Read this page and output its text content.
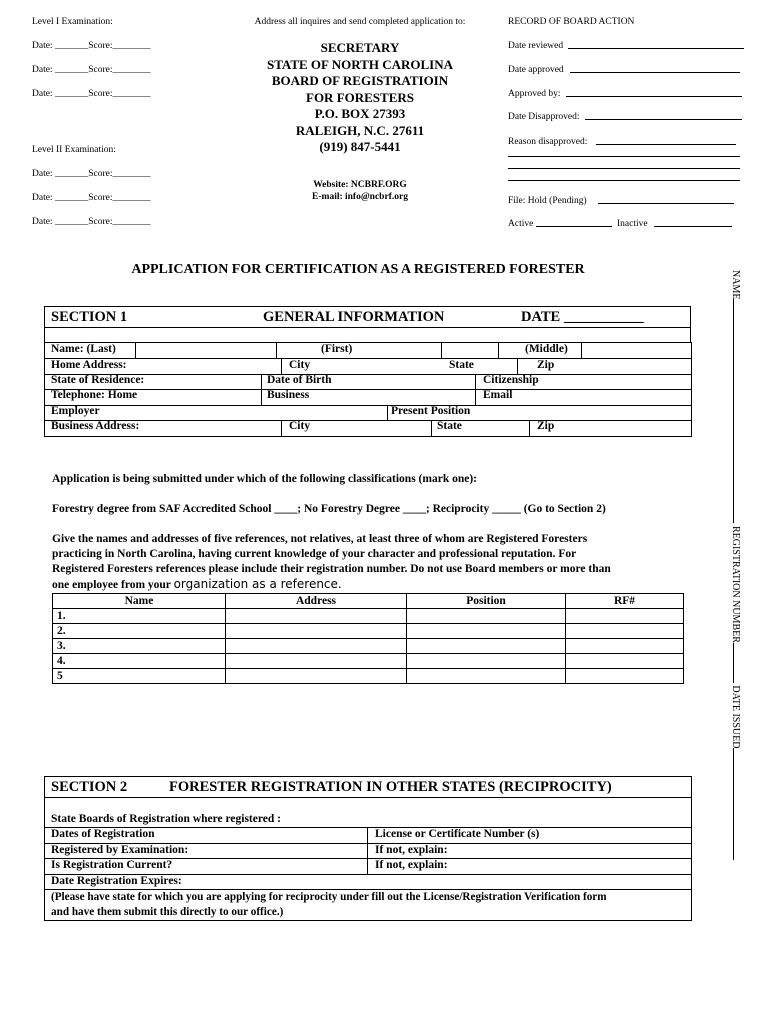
Level I Examination:
Date: _______Score:________
Date: _______Score:________
Date: _______Score:________
Level II Examination:
Date: _______Score:________
Date: _______Score:________
Date: _______Score:________
Address all inquires and send completed application to:
SECRETARY
STATE OF NORTH CAROLINA
BOARD OF REGISTRATIOIN
FOR FORESTERS
P.O. BOX 27393
RALEIGH, N.C. 27611
(919) 847-5441
Website: NCBRF.ORG
E-mail: info@ncbrf.org
RECORD OF BOARD ACTION
Date reviewed
Date approved
Approved by:
Date Disapproved:
Reason disapproved:
File: Hold (Pending)
Active	Inactive
APPLICATION FOR CERTIFICATION AS A REGISTERED FORESTER
SECTION 1	GENERAL INFORMATION	DATE ___________
Name: (Last)	(First)	(Middle)
Home Address:	City	State	Zip
State of Residence:	Date of Birth	Citizenship
Telephone: Home	Business	Email
Employer	Present Position
Business Address:	City	State	Zip
Application is being submitted under which of the following classifications (mark one):
Forestry degree from SAF Accredited School ____; No Forestry Degree ____; Reciprocity _____ (Go to Section 2)
Give the names and addresses of five references, not relatives, at least three of whom are Registered Foresters
practicing in North Carolina, having current knowledge of your character and professional reputation. For
Registered Foresters references please include their registration number. Do not use Board members or more than
one employee from your organization as a reference.
Name	Address	Position	RF#
1.			
2.			
3.			
4.			
5			
SECTION 2	FORESTER REGISTRATION IN OTHER STATES (RECIPROCITY)
State Boards of Registration where registered :
Dates of Registration	License or Certificate Number (s)
Registered by Examination:	If not, explain:
Is Registration Current?	If not, explain:
Date Registration Expires:
(Please have state for which you are applying for reciprocity under fill out the License/Registration Verification form
and have them submit this directly to our office.)
NAME REGISTRATION NUMBER DATE ISSUED
